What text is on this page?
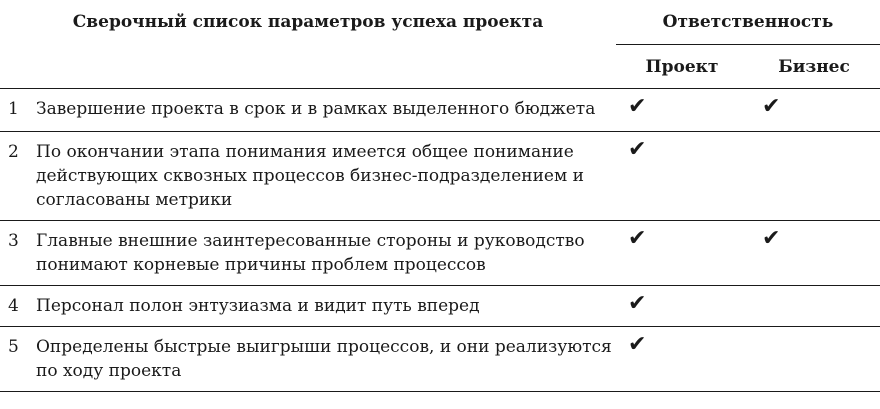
Сверочный список параметров успеха проекта		Ответственность	
		Проект	Бизнес
1	Завершение проекта в срок и в рамках выделенного бюджета	✔	✔
2	По окончании этапа понимания имеется общее понимание действующих сквозных процессов бизнес-подразделением и согласованы метрики	✔	
3	Главные внешние заинтересованные стороны и руководство понимают корневые причины проблем процессов	✔	✔
4	Персонал полон энтузиазма и видит путь вперед	✔	
5	Определены быстрые выигрыши процессов, и они реализуются по ходу проекта	✔	
